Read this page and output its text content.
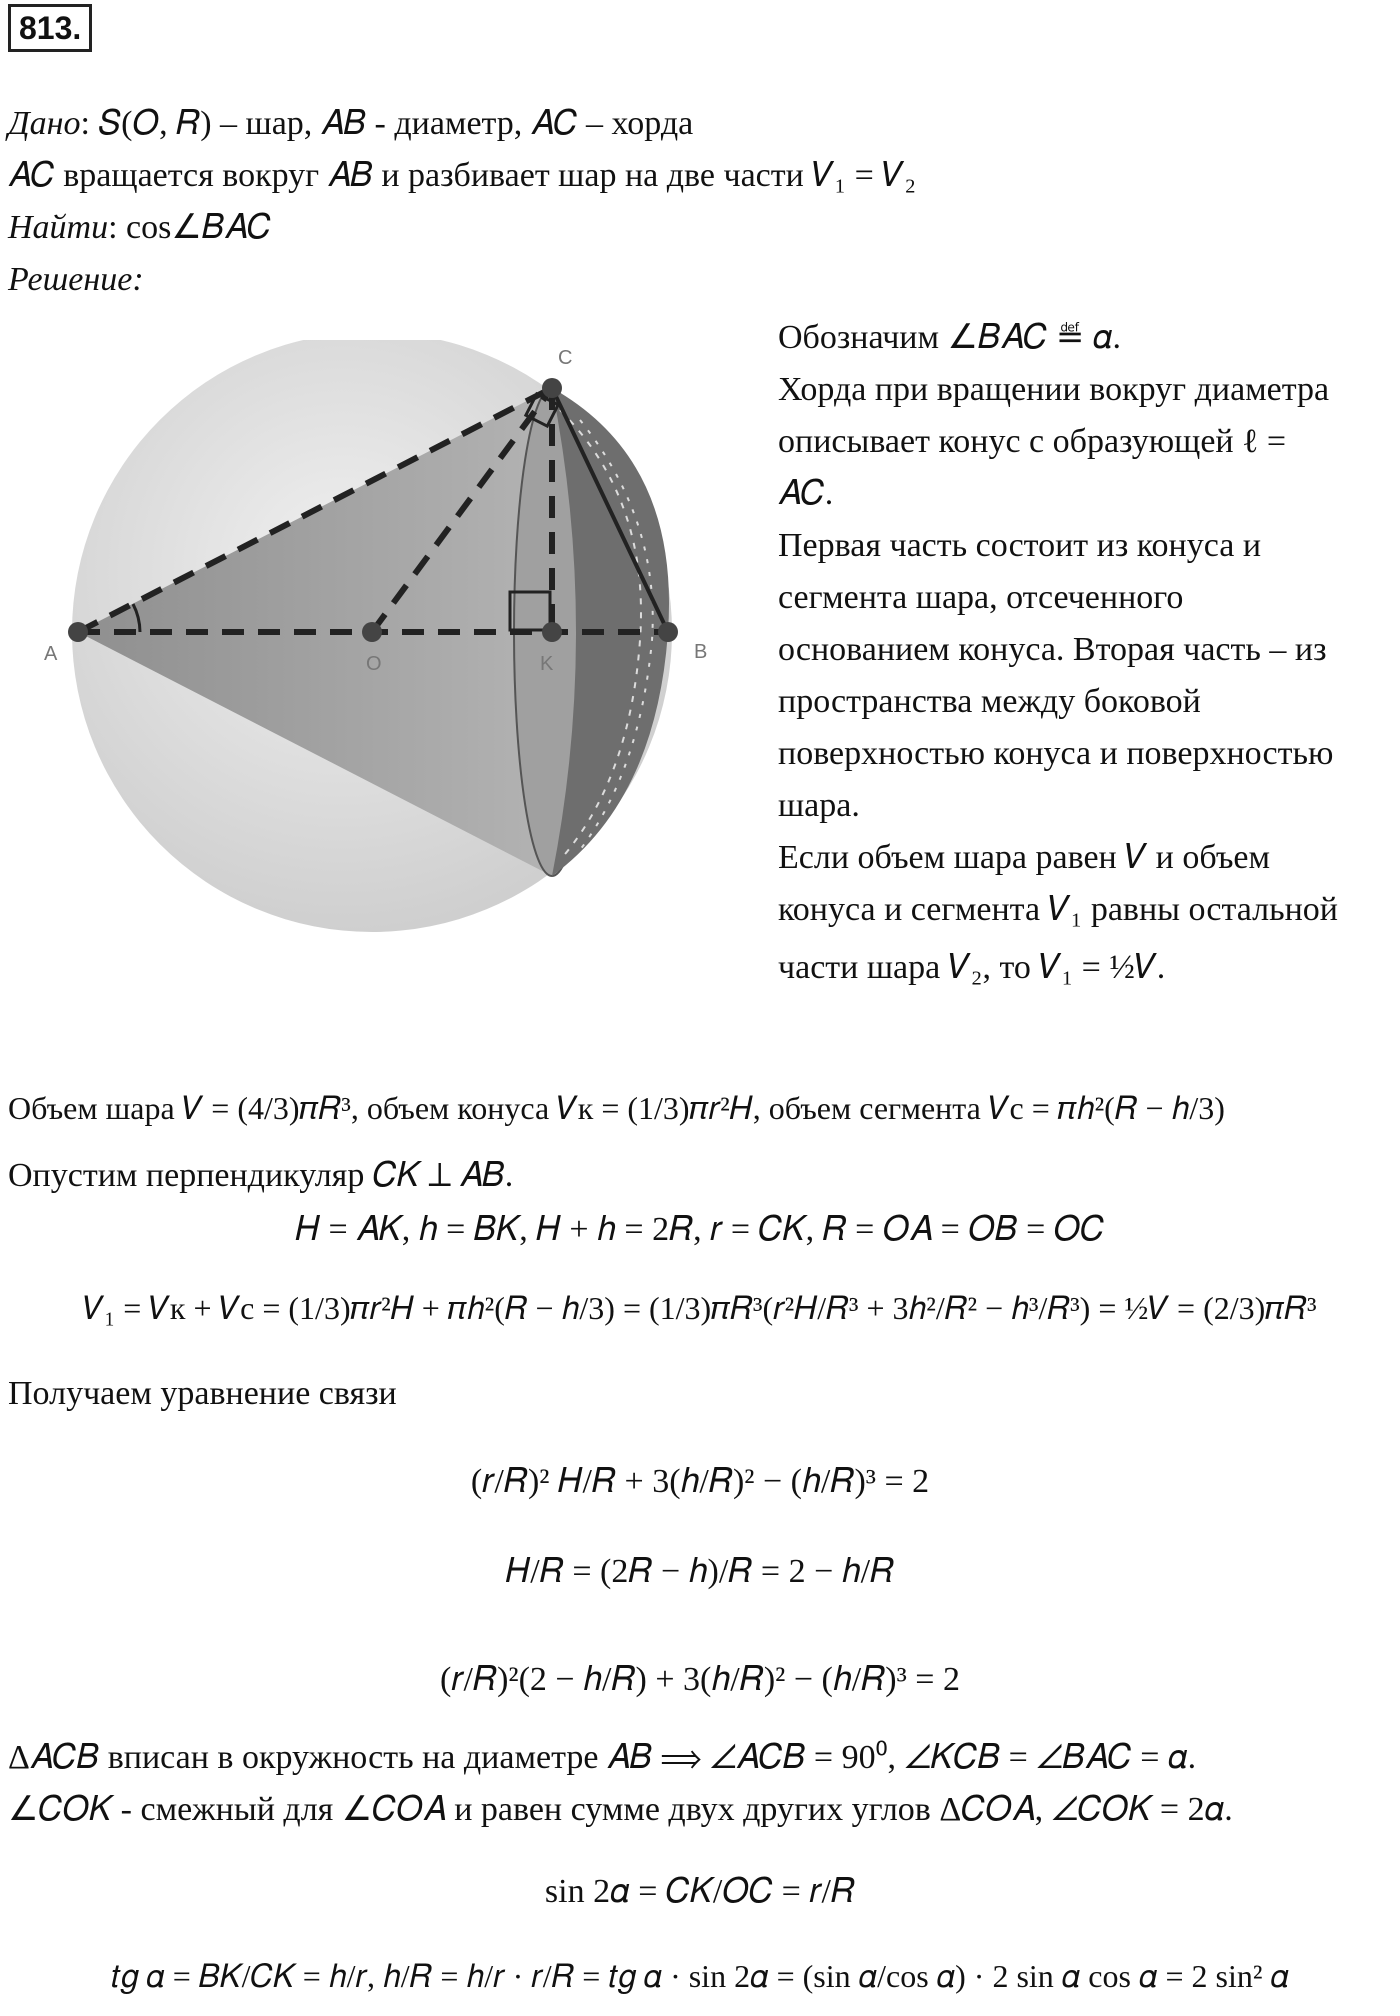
813.
Дано: 𝑆(𝑂, 𝑅) – шар, 𝐴𝐵 - диаметр, 𝐴𝐶 – хорда
𝐴𝐶 вращается вокруг 𝐴𝐵 и разбивает шар на две части 𝑉₁ = 𝑉₂
Найти: cos∠𝐵𝐴𝐶
Решение:
A	O	K
B
C
Обозначим ∠𝐵𝐴𝐶 ≝ 𝛼.
Хорда при вращении вокруг диаметра
описывает конус с образующей ℓ =
𝐴𝐶.
Первая часть состоит из конуса и
сегмента шара, отсеченного
основанием конуса. Вторая часть – из
пространства между боковой
поверхностью конуса и поверхностью
шара.
Если объем шара равен 𝑉 и объем
конуса и сегмента 𝑉₁ равны остальной
части шара 𝑉₂, то 𝑉₁ = ½𝑉.
Объем шара 𝑉 = (4/3)𝜋𝑅³, объем конуса 𝑉к = (1/3)𝜋𝑟²𝐻, объем сегмента 𝑉с = 𝜋ℎ²(𝑅 − ℎ/3)
Опустим перпендикуляр 𝐶𝐾 ⊥ 𝐴𝐵.
𝐻 = 𝐴𝐾, ℎ = 𝐵𝐾, 𝐻 + ℎ = 2𝑅, 𝑟 = 𝐶𝐾, 𝑅 = 𝑂𝐴 = 𝑂𝐵 = 𝑂𝐶
𝑉₁ = 𝑉к + 𝑉с = (1/3)𝜋𝑟²𝐻 + 𝜋ℎ²(𝑅 − ℎ/3) = (1/3)𝜋𝑅³(𝑟²𝐻/𝑅³ + 3ℎ²/𝑅² − ℎ³/𝑅³) = ½𝑉 = (2/3)𝜋𝑅³
Получаем уравнение связи
(𝑟/𝑅)² 𝐻/𝑅 + 3(ℎ/𝑅)² − (ℎ/𝑅)³ = 2
𝐻/𝑅 = (2𝑅 − ℎ)/𝑅 = 2 − ℎ/𝑅
(𝑟/𝑅)²(2 − ℎ/𝑅) + 3(ℎ/𝑅)² − (ℎ/𝑅)³ = 2
Δ𝐴𝐶𝐵 вписан в окружность на диаметре 𝐴𝐵 ⟹ ∠𝐴𝐶𝐵 = 90⁰, ∠𝐾𝐶𝐵 = ∠𝐵𝐴𝐶 = 𝛼.
∠𝐶𝑂𝐾 - смежный для ∠𝐶𝑂𝐴 и равен сумме двух других углов Δ𝐶𝑂𝐴, ∠𝐶𝑂𝐾 = 2𝛼.
sin 2𝛼 = 𝐶𝐾/𝑂𝐶 = 𝑟/𝑅
𝑡𝑔 𝛼 = 𝐵𝐾/𝐶𝐾 = ℎ/𝑟, ℎ/𝑅 = ℎ/𝑟 · 𝑟/𝑅 = 𝑡𝑔 𝛼 · sin 2𝛼 = (sin 𝛼/cos 𝛼) · 2 sin 𝛼 cos 𝛼 = 2 sin² 𝛼
